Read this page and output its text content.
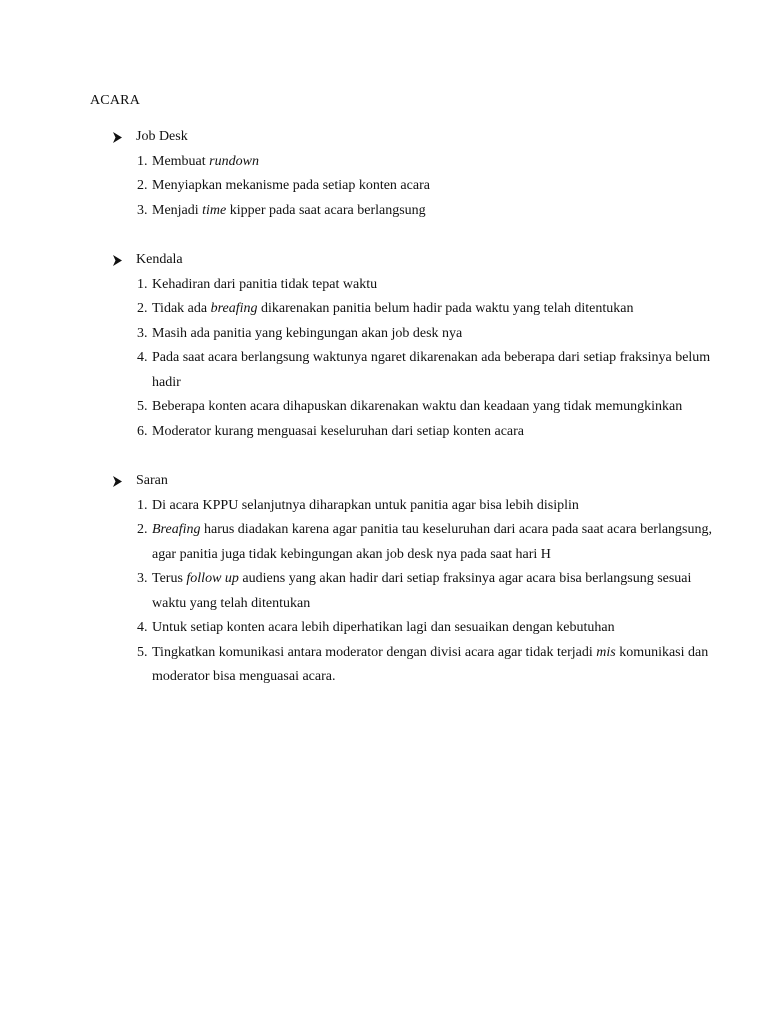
ACARA
Job Desk
1. Membuat rundown
2. Menyiapkan mekanisme pada setiap konten acara
3. Menjadi time kipper pada saat acara berlangsung
Kendala
1. Kehadiran dari panitia tidak tepat waktu
2. Tidak ada breafing dikarenakan panitia belum hadir pada waktu yang telah ditentukan
3. Masih ada panitia yang kebingungan akan job desk nya
4. Pada saat acara berlangsung waktunya ngaret dikarenakan ada beberapa dari setiap fraksinya belum hadir
5. Beberapa konten acara dihapuskan dikarenakan waktu dan keadaan yang tidak memungkinkan
6. Moderator kurang menguasai keseluruhan dari setiap konten acara
Saran
1. Di acara KPPU selanjutnya diharapkan untuk panitia agar bisa lebih disiplin
2. Breafing harus diadakan karena agar panitia tau keseluruhan dari acara pada saat acara berlangsung, agar panitia juga tidak kebingungan akan job desk nya pada saat hari H
3. Terus follow up audiens yang akan hadir dari setiap fraksinya agar acara bisa berlangsung sesuai waktu yang telah ditentukan
4. Untuk setiap konten acara lebih diperhatikan lagi dan sesuaikan dengan kebutuhan
5. Tingkatkan komunikasi antara moderator dengan divisi acara agar tidak terjadi mis komunikasi dan moderator bisa menguasai acara.
